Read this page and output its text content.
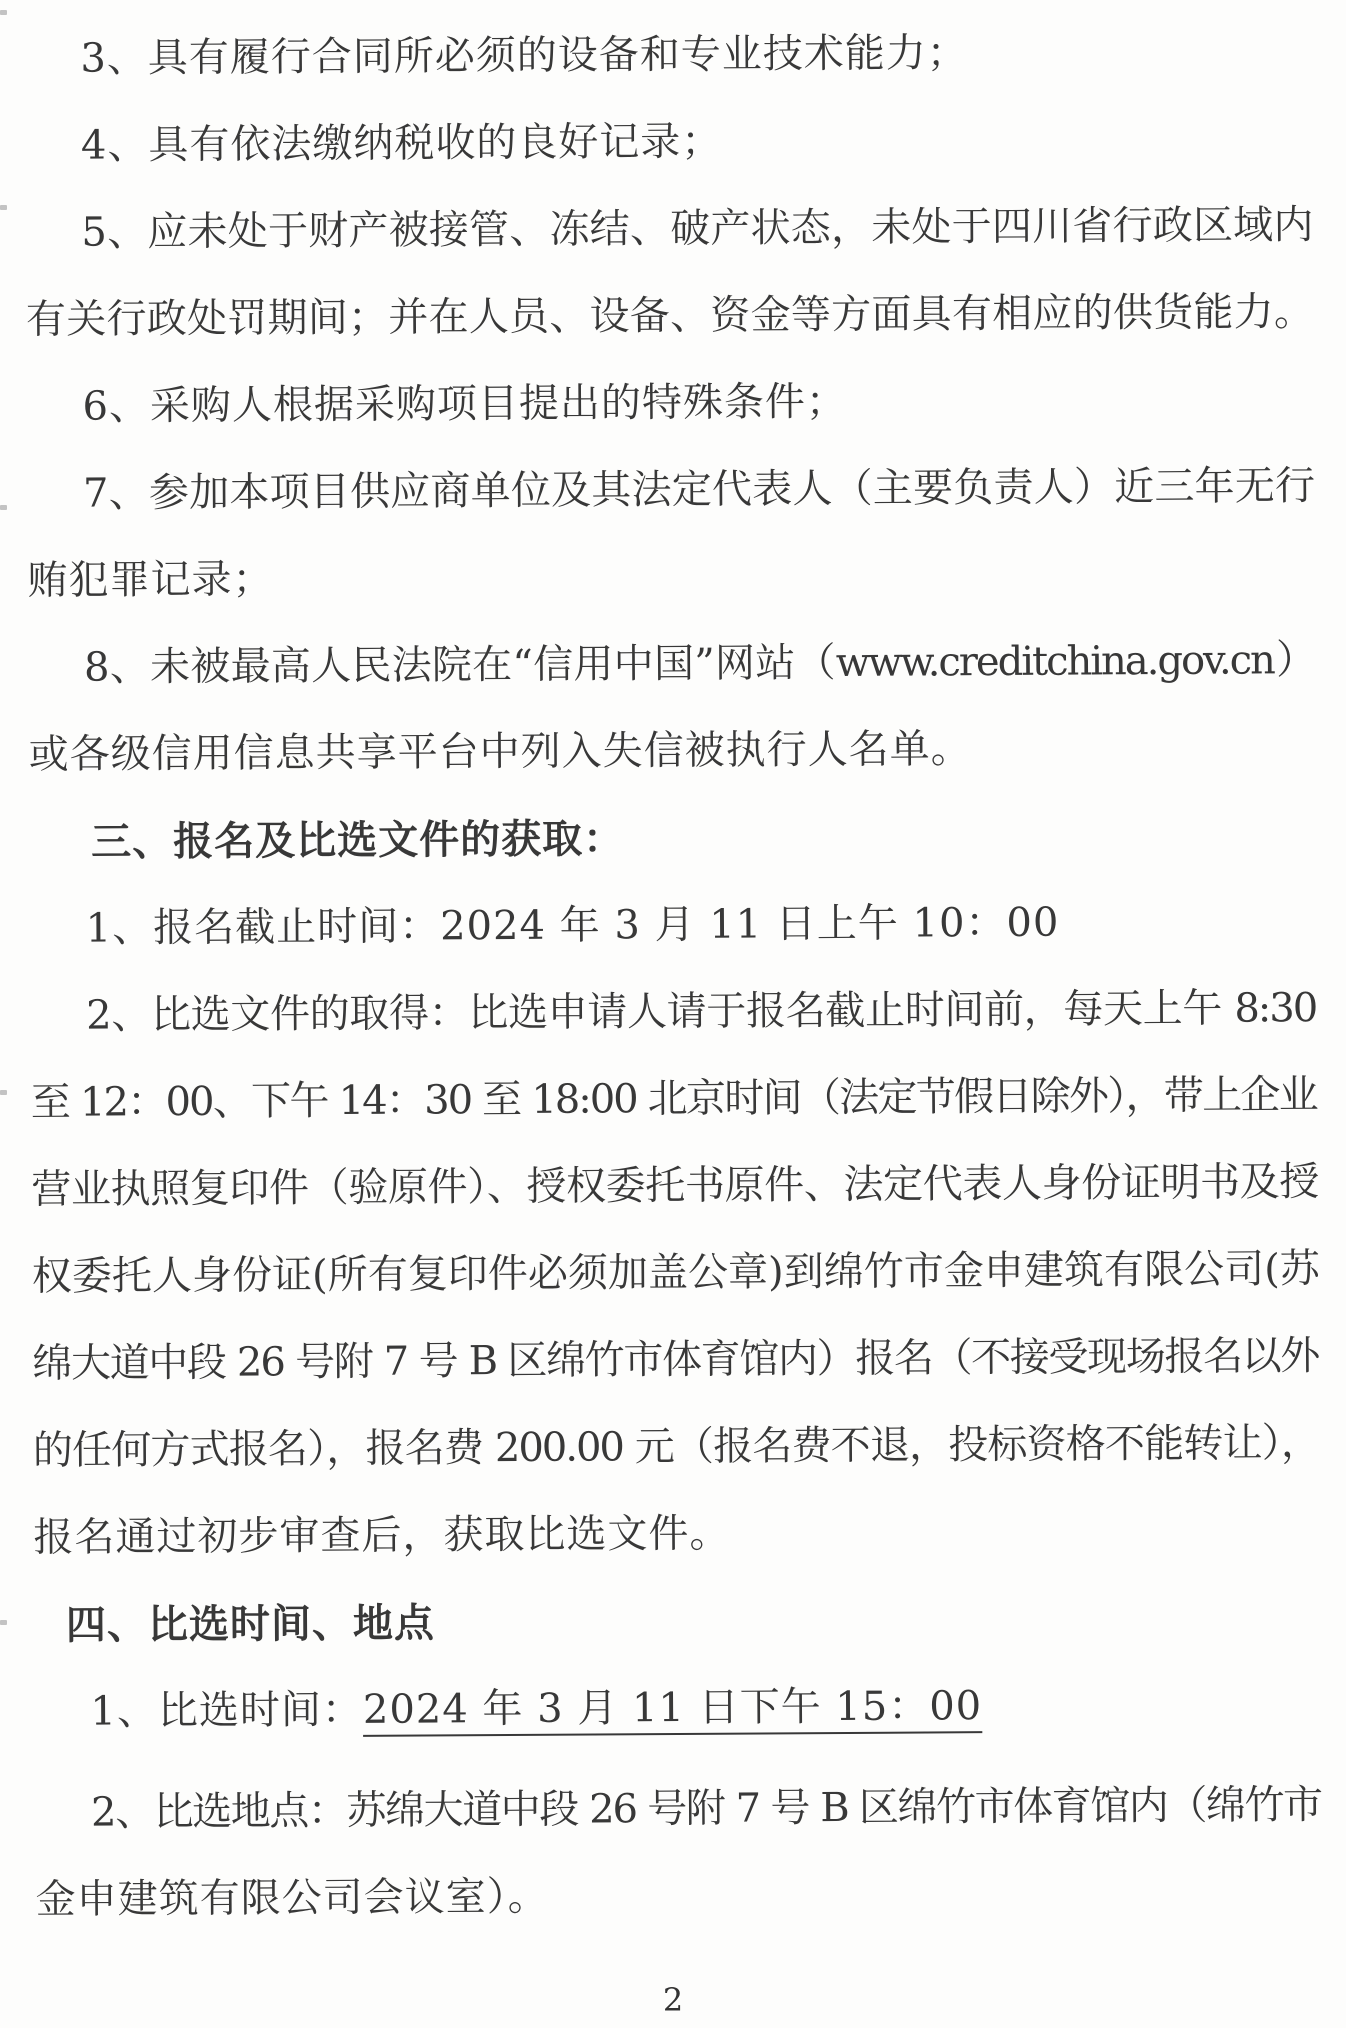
3、具有履行合同所必须的设备和专业技术能力；
4、具有依法缴纳税收的良好记录；
5、应未处于财产被接管、冻结、破产状态，未处于四川省行政区域内
有关行政处罚期间；并在人员、设备、资金等方面具有相应的供货能力。
6、采购人根据采购项目提出的特殊条件；
7、参加本项目供应商单位及其法定代表人（主要负责人）近三年无行
贿犯罪记录；
8、未被最高人民法院在“信用中国”网站（www.creditchina.gov.cn）
或各级信用信息共享平台中列入失信被执行人名单。
三、报名及比选文件的获取：
1、报名截止时间：2024 年 3 月 11 日上午 10：00
2、比选文件的取得：比选申请人请于报名截止时间前，每天上午 8:30
至 12：00、下午 14：30 至 18:00 北京时间（法定节假日除外），带上企业
营业执照复印件（验原件）、授权委托书原件、法定代表人身份证明书及授
权委托人身份证(所有复印件必须加盖公章)到绵竹市金申建筑有限公司(苏
绵大道中段 26 号附 7 号 B 区绵竹市体育馆内）报名（不接受现场报名以外
的任何方式报名），报名费 200.00 元（报名费不退，投标资格不能转让），
报名通过初步审查后，获取比选文件。
四、比选时间、地点
1、比选时间：2024 年 3 月 11 日下午 15：00
2、比选地点：苏绵大道中段 26 号附 7 号 B 区绵竹市体育馆内（绵竹市
金申建筑有限公司会议室）。
2
